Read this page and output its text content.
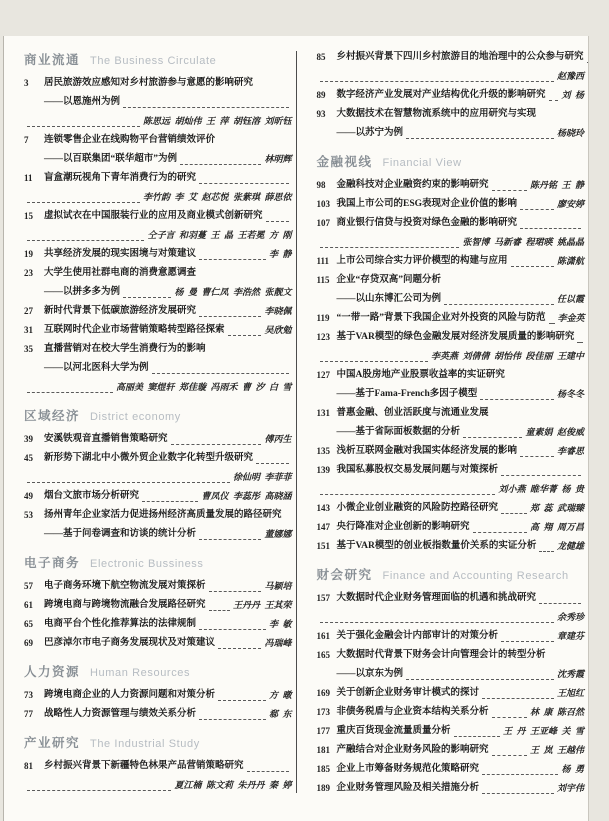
商业流通 The Business Circulate
3	居民旅游效应感知对乡村旅游参与意愿的影响研究
——以恩施州为例
陈思远  胡灿伟  王  萍  胡钰溶  刘昕钰
7	连锁零售企业在线购物平台营销绩效评价
——以百联集团“联华超市”为例	林明辉
11	盲盒潮玩视角下青年消费行为的研究
李竹韵  李  艾  赵芯悦  张紫琪  薛思依
15	虚拟试衣在中国服装行业的应用及商业模式创新研究
仝子言  和羽蔓  王  晶  王若冕  方  刚
19	共享经济发展的现实困境与对策建议	李  静
23	大学生使用社群电商的消费意愿调查
——以拼多多为例	杨  曼  曹仁凤  李浩然  张靓文
27	新时代背景下低碳旅游经济发展研究	李晓佩
31	互联网时代企业市场营销策略转型路径探索	吴欣勉
35	直播营销对在校大学生消费行为的影响
——以河北医科大学为例
高丽美  窦煜轩  郑佳璇  冯雨禾  曹  汐  白  雪
区域经济 District economy
39	安溪铁观音直播销售策略研究	傅丙生
45	新形势下湖北中小微外贸企业数字化转型升级研究
徐仙明  李菲菲
49	烟台文旅市场分析研究	曹凤仪  李蕊彤  高晓涵
53	扬州青年企业家活力促进扬州经济高质量发展的路径研究
——基于问卷调查和访谈的统计分析	董娜娜
电子商务 Electronic Bussiness
57	电子商务环境下航空物流发展对策探析	马颖培
61	跨境电商与跨境物流融合发展路径研究	王丹丹  王其荣
65	电商平台个性化推荐算法的法律规制	李  敏
69	巴彦淖尔市电子商务发展现状及对策建议	冯瑞峰
人力资源 Human Resources
73	跨境电商企业的人力资源问题和对策分析	方  暾
77	战略性人力资源管理与绩效关系分析	郗  东
产业研究 The Industrial Study
81	乡村振兴背景下新疆特色林果产品营销策略研究
夏江楠  陈文莉  朱丹丹  秦  婷
85	乡村振兴背景下四川乡村旅游目的地治理中的公众参与研究
赵豫西
89	数字经济产业发展对产业结构优化升级的影响研究 刘  杨
93	大数据技术在智慧物流系统中的应用研究与实现
——以苏宁为例	杨晓玲
金融视线 Financial View
98	金融科技对企业融资约束的影响研究	陈丹铭  王  静
103 我国上市公司的ESG表现对企业价值的影响	廖安婷
107 商业银行信贷与投资对绿色金融的影响研究
张智博  马新睿  程珺暎  姚晶晶
111 上市公司综合实力评价模型的构建与应用	陈潇航
115 企业“存贷双高”问题分析
——以山东博汇公司为例	任以霞
119 “一带一路”背景下我国企业对外投资的风险与防范 李金英
123 基于VAR模型的绿色金融发展对经济发展质量的影响研究
李英燕  刘倩倩  胡怡伟  段佳丽  王建中
127 中国A股房地产业股票收益率的实证研究
——基于Fama-French多因子模型	杨冬冬
131 普惠金融、创业活跃度与流通业发展
——基于省际面板数据的分析	童素娟  赵俊威
135 浅析互联网金融对我国实体经济发展的影响	李睿思
139 我国私募股权交易发展问题与对策探析
刘小燕  睢华菁  杨  贵
143 小微企业创业融资的风险防控路径研究	郑  蕊  武瑞臻
147 央行降准对企业创新的影响研究	高  翔  周万昌
151 基于VAR模型的创业板指数量价关系的实证分析 龙健雄
财会研究 Finance and Accounting Research
157 大数据时代企业财务管理面临的机遇和挑战研究
余秀珍
161 关于强化金融会计内部审计的对策分析	章建芬
165 大数据时代背景下财务会计向管理会计的转型分析
——以京东为例	沈秀霞
169 关于创新企业财务审计模式的探讨	王旭红
173 非债务税盾与企业资本结构关系分析	林  康  陈召然
177 重庆百货现金流量质量分析	王  丹  王亚峰  关  雪
181 产融结合对企业财务风险的影响研究	王  岚  王越伟
185 企业上市筹备财务规范化策略研究	杨  勇
189 企业财务管理风险及相关措施分析	刘宇伟
